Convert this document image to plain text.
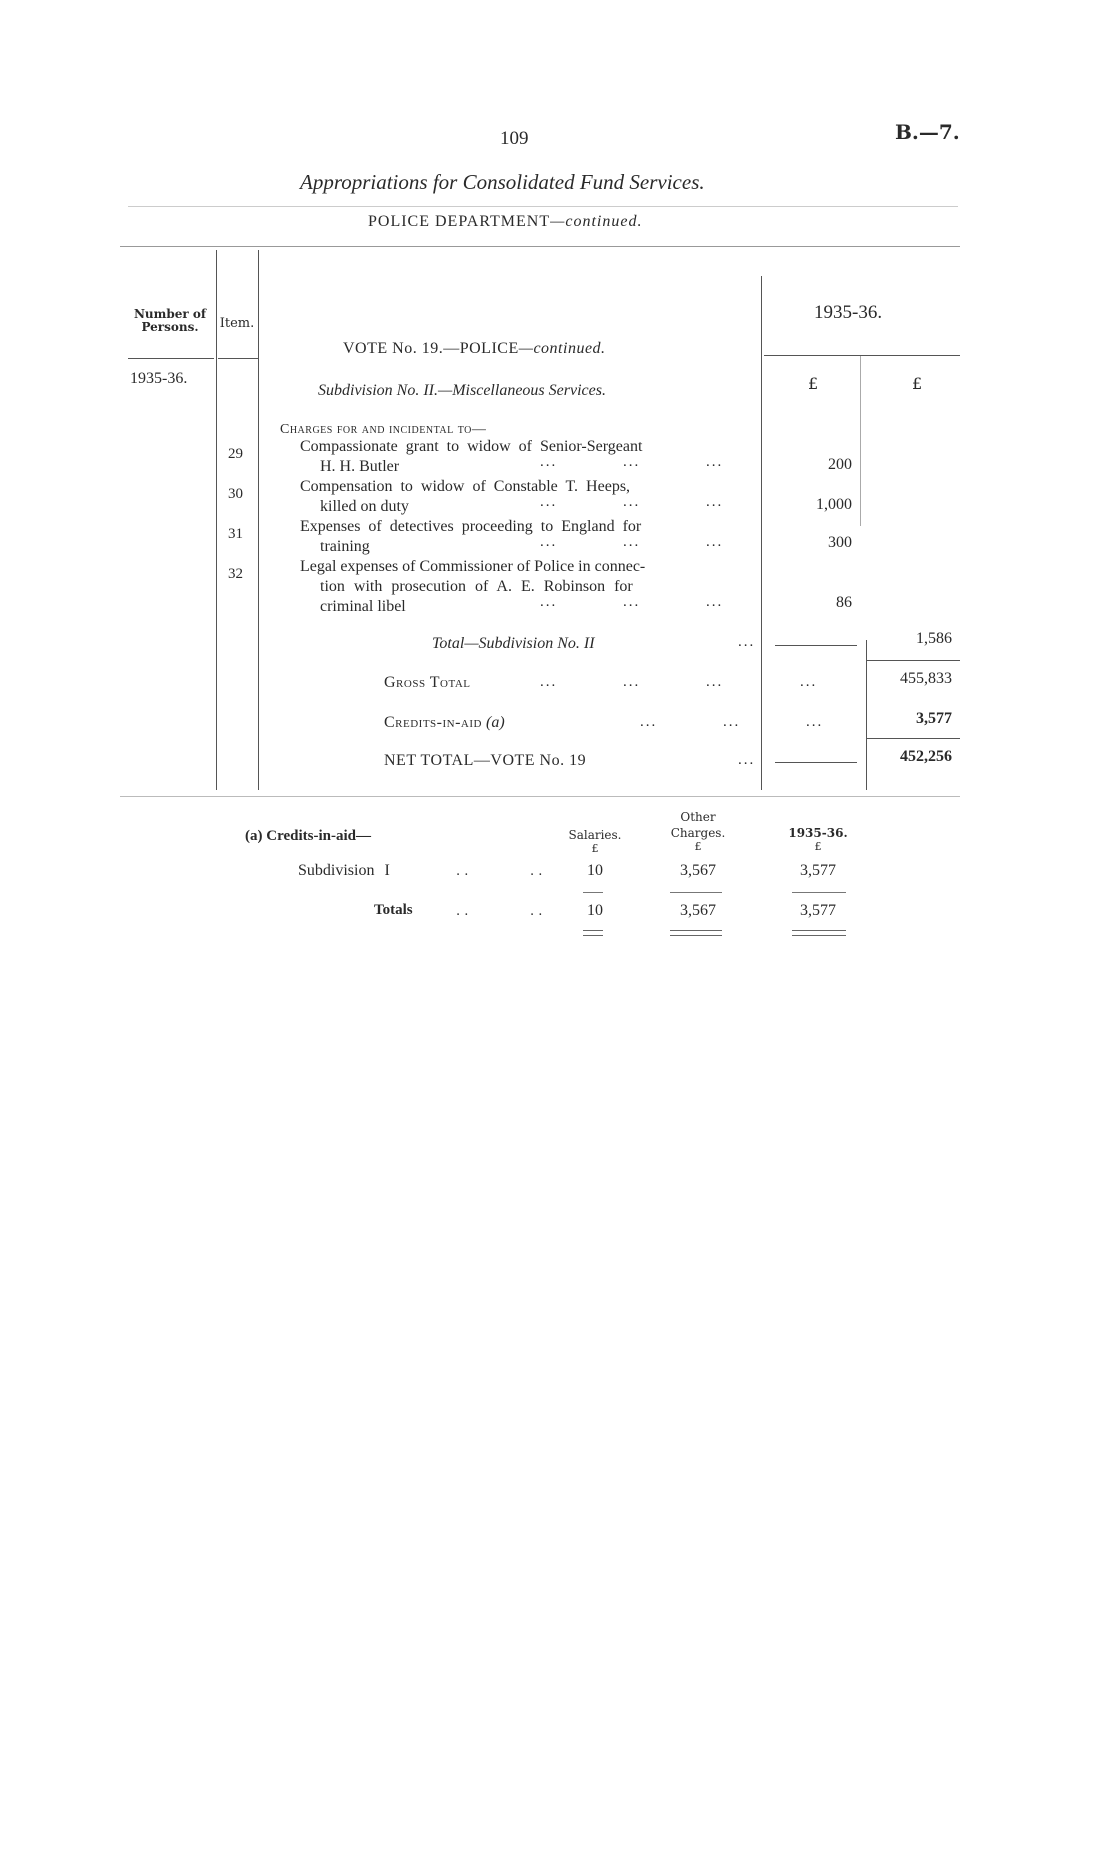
109	B.—7.
Appropriations for Consolidated Fund Services.
POLICE DEPARTMENT—continued.
Number of Persons.	Item.
1935-36.
£	£
1935-36.
VOTE No. 19.—POLICE—continued.
Subdivision No. II.—Miscellaneous Services.
Charges for and incidental to—
29	Compassionate grant to widow of Senior-Sergeant
H. H. Butler	... ... ...	200
30	Compensation to widow of Constable T. Heeps,
killed on duty	... ... ...	1,000
31	Expenses of detectives proceeding to England for
training	... ... ...	300
32	Legal expenses of Commissioner of Police in connec-
tion with prosecution of A. E. Robinson for
criminal libel	... ... ...	86
Total—Subdivision No. II	...	1,586
Gross Total	... ... ...	...	455,833
Credits-in-aid (a)	... ...	...	3,577
NET TOTAL—VOTE No. 19	...	452,256
(a) Credits-in-aid—	Salaries.
Other
Charges.	1935-36.
£	£	£
Subdivision I	. .	. .	10	3,567	3,577
Totals	. .	. .	10	3,567	3,577
